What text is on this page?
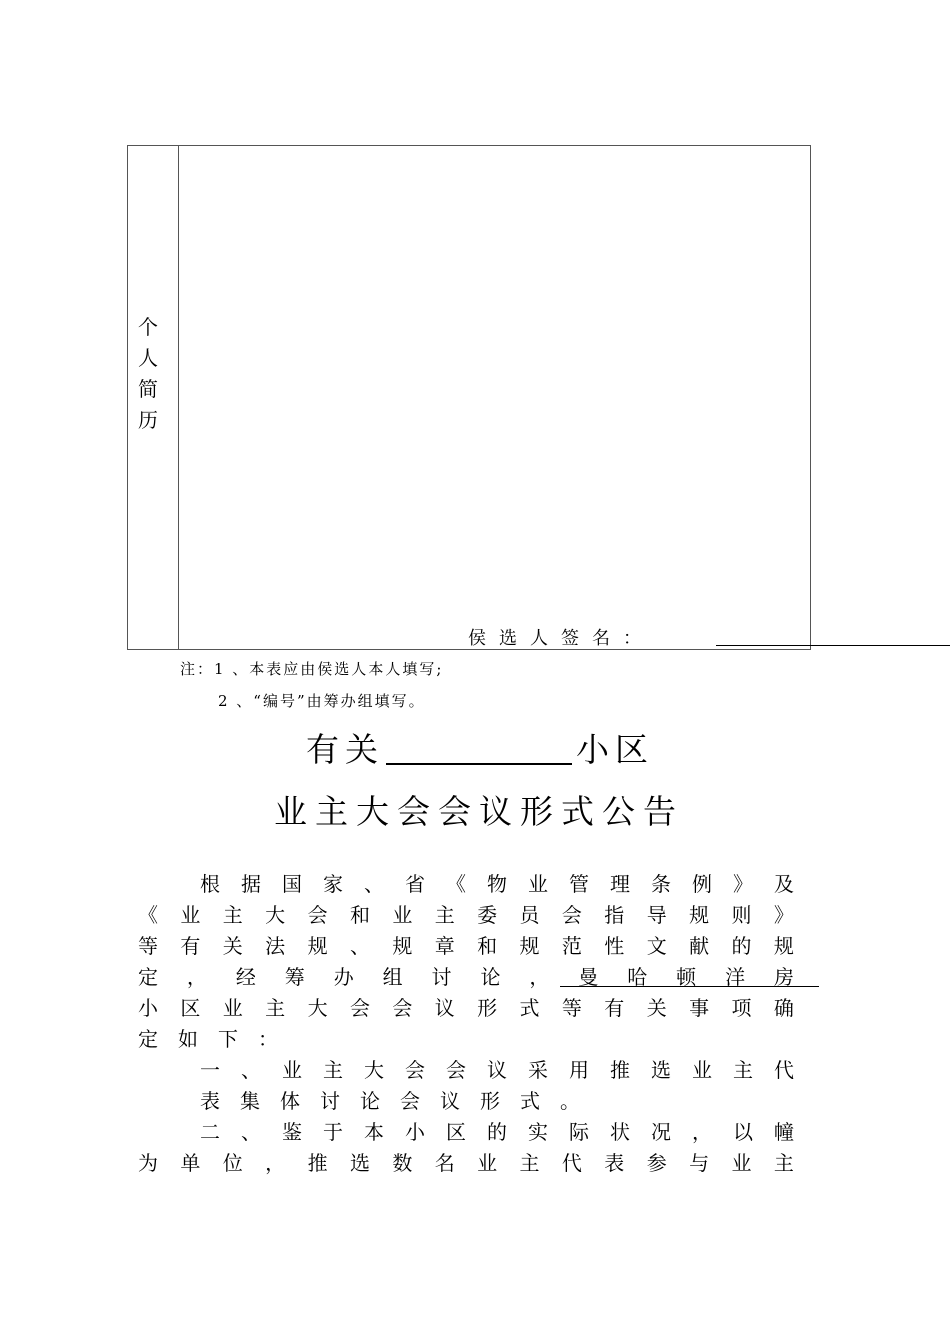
个
人
简
历
侯选人签名：
注：1 、本表应由侯选人本人填写;
2 、“编号”由筹办组填写。
有关	小区
业主大会会议形式公告
根 据 国 家 、 省 《 物 业 管 理 条 例 》 及
《 业 主 大 会 和 业 主 委 员 会 指 导 规 则 》
等 有 关 法 规 、 规 章 和 规 范 性 文 献 的 规
定 ， 经 筹 办 组 讨 论 ， 曼 哈 顿 洋 房
小 区 业 主 大 会 会 议 形 式 等 有 关 事 项 确
定 如 下 ：
一 、 业 主 大 会 会 议 采 用 推 选 业 主 代
表 集 体 讨 论 会 议 形 式 。
二 、 鉴 于 本 小 区 的 实 际 状 况 ， 以 幢
为 单 位 ， 推 选 数 名 业 主 代 表 参 与 业 主
